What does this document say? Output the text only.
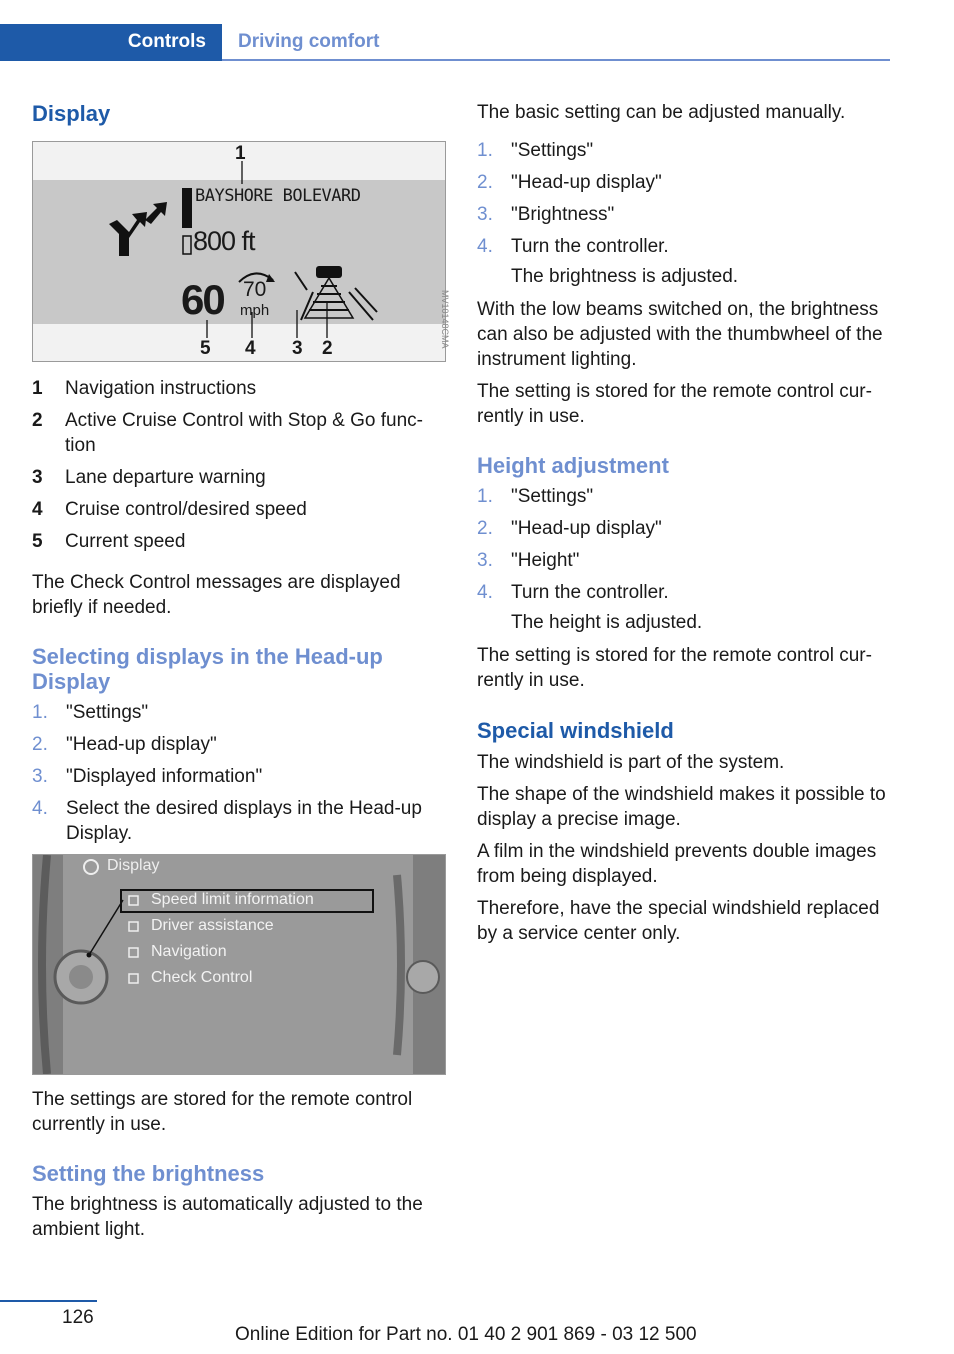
Controls Driving comfort
Display
1
BAYSHORE BOLEVARD
800 ft
60 70
mph
5 4 3 2
1	Navigation instructions
2	Active Cruise Control with Stop & Go func-
tion
3	Lane departure warning
4	Cruise control/desired speed
5	Current speed

The Check Control messages are displayed briefly if needed.

Selecting displays in the Head-up Display
1. "Settings"
2. "Head-up display"
3. "Displayed information"
4. Select the desired displays in the Head-up Display.
Display
Speed limit information
Driver assistance
Navigation
Check Control

The settings are stored for the remote control currently in use.

Setting the brightness

The brightness is automatically adjusted to the ambient light.

MV10148CMA

The basic setting can be adjusted manually.

1. "Settings"
2. "Head-up display"
3. "Brightness"
4. Turn the controller.
The brightness is adjusted.

With the low beams switched on, the brightness can also be adjusted with the thumbwheel of the instrument lighting.

The setting is stored for the remote control cur-
rently in use.

Height adjustment
1. "Settings"
2. "Head-up display"
3. "Height"
4. Turn the controller.
The height is adjusted.

The setting is stored for the remote control cur-
rently in use.

Special windshield

The windshield is part of the system.

The shape of the windshield makes it possible to display a precise image.

A film in the windshield prevents double images from being displayed.

Therefore, have the special windshield replaced by a service center only.

126
Online Edition for Part no. 01 40 2 901 869 - 03 12 500
